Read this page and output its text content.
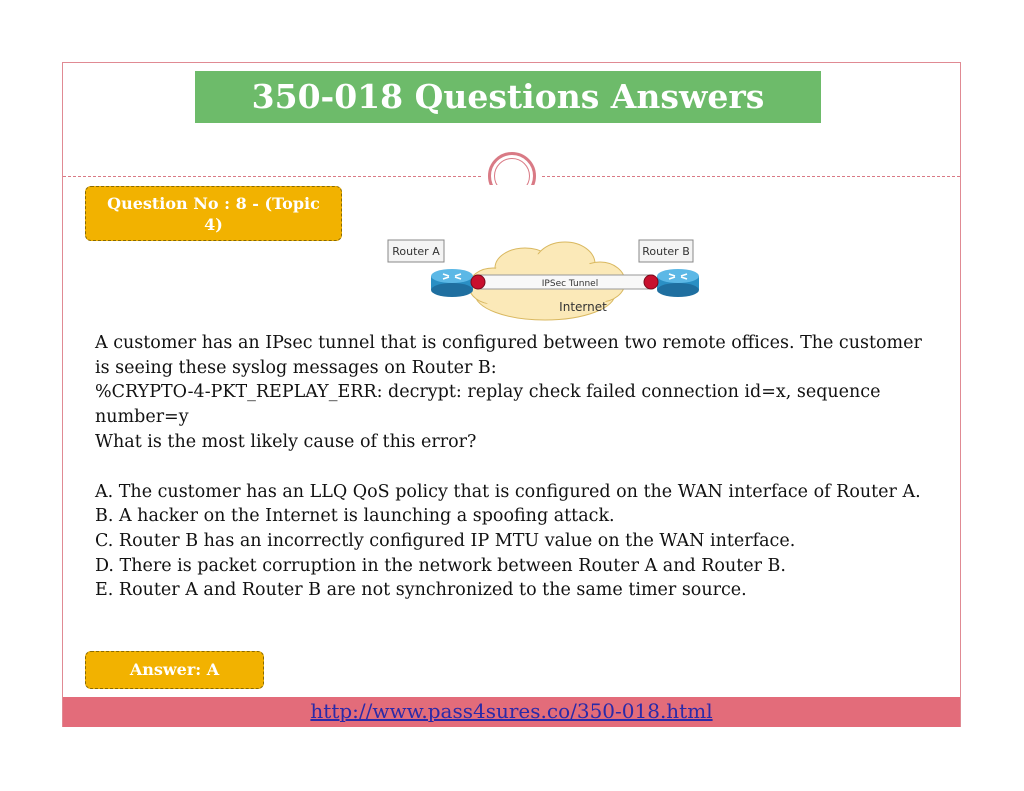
350-018 Questions Answers
Question No : 8 - (Topic 4)
Router A	Router B
Internet
IPSec Tunnel

A customer has an IPsec tunnel that is configured between two remote offices. The customer is seeing these syslog messages on Router B:

%CRYPTO-4-PKT_REPLAY_ERR: decrypt: replay check failed connection id=x, sequence number=y

What is the most likely cause of this error?

A. The customer has an LLQ QoS policy that is configured on the WAN interface of Router A.

B. A hacker on the Internet is launching a spoofing attack.

C. Router B has an incorrectly configured IP MTU value on the WAN interface.

D. There is packet corruption in the network between Router A and Router B.

E. Router A and Router B are not synchronized to the same timer source.

Answer: A
http://www.pass4sures.co/350-018.html
